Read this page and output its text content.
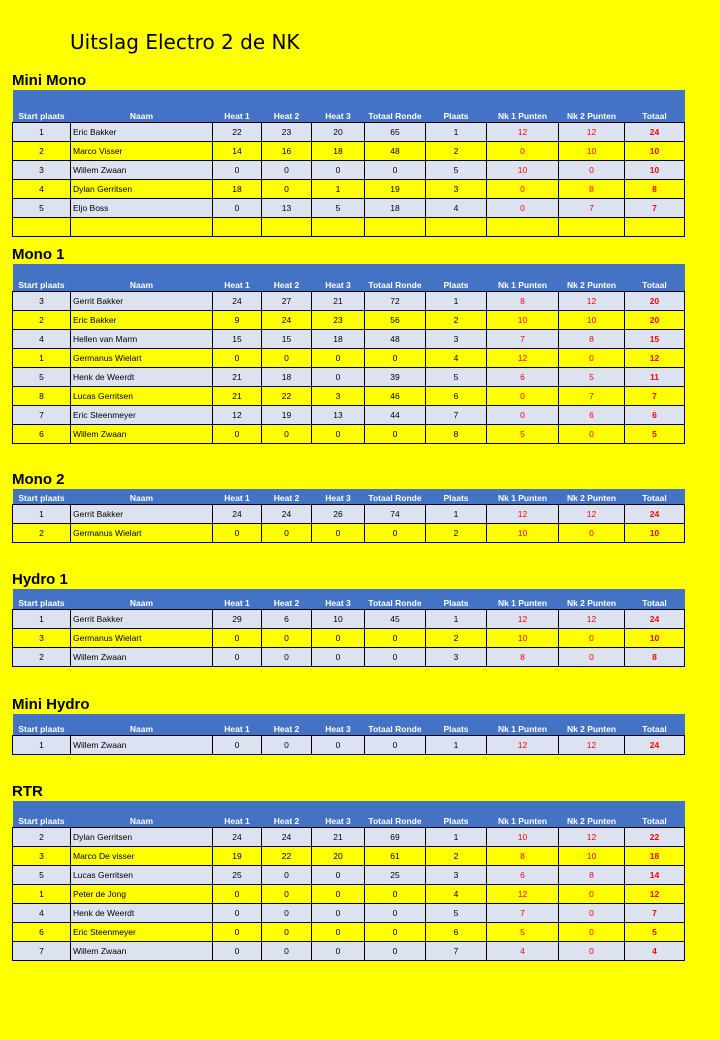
Uitslag Electro 2 de NK
Mini Mono
Start plaats	Naam	Heat 1	Heat 2	Heat 3	Totaal Ronde	Plaats	Nk 1 Punten	Nk 2 Punten	Totaal
1	Eric Bakker	22	23	20	65	1	12	12	24
2	Marco Visser	14	16	18	48	2	0	10	10
3	Willem Zwaan	0	0	0	0	5	10	0	10
4	Dylan Gerritsen	18	0	1	19	3	0	8	8
5	Eljo Boss	0	13	5	18	4	0	7	7

Mono 1
Start plaats	Naam	Heat 1	Heat 2	Heat 3	Totaal Ronde	Plaats	Nk 1 Punten	Nk 2 Punten	Totaal
3	Gerrit Bakker	24	27	21	72	1	8	12	20
2	Eric Bakker	9	24	23	56	2	10	10	20
4	Hellen van Marm	15	15	18	48	3	7	8	15
1	Germanus Wielart	0	0	0	0	4	12	0	12
5	Henk de Weerdt	21	18	0	39	5	6	5	11
8	Lucas Gerritsen	21	22	3	46	6	0	7	7
7	Eric Steenmeyer	12	19	13	44	7	0	6	6
6	Willem Zwaan	0	0	0	0	8	5	0	5
Mono 2
Start plaats	Naam	Heat 1	Heat 2	Heat 3	Totaal Ronde	Plaats	Nk 1 Punten	Nk 2 Punten	Totaal
1	Gerrit Bakker	24	24	26	74	1	12	12	24
2	Germanus Wielart	0	0	0	0	2	10	0	10
Hydro 1
Start plaats	Naam	Heat 1	Heat 2	Heat 3	Totaal Ronde	Plaats	Nk 1 Punten	Nk 2 Punten	Totaal
1	Gerrit Bakker	29	6	10	45	1	12	12	24
3	Germanus Wielart	0	0	0	0	2	10	0	10
2	Willem Zwaan	0	0	0	0	3	8	0	8
Mini Hydro
Start plaats	Naam	Heat 1	Heat 2	Heat 3	Totaal Ronde	Plaats	Nk 1 Punten	Nk 2 Punten	Totaal
1	Willem Zwaan	0	0	0	0	1	12	12	24
RTR
Start plaats	Naam	Heat 1	Heat 2	Heat 3	Totaal Ronde	Plaats	Nk 1 Punten	Nk 2 Punten	Totaal
2	Dylan Gerritsen	24	24	21	69	1	10	12	22
3	Marco De visser	19	22	20	61	2	8	10	18
5	Lucas Gerritsen	25	0	0	25	3	6	8	14
1	Peter de Jong	0	0	0	0	4	12	0	12
4	Henk de Weerdt	0	0	0	0	5	7	0	7
6	Eric Steenmeyer	0	0	0	0	6	5	0	5
7	Willem Zwaan	0	0	0	0	7	4	0	4
